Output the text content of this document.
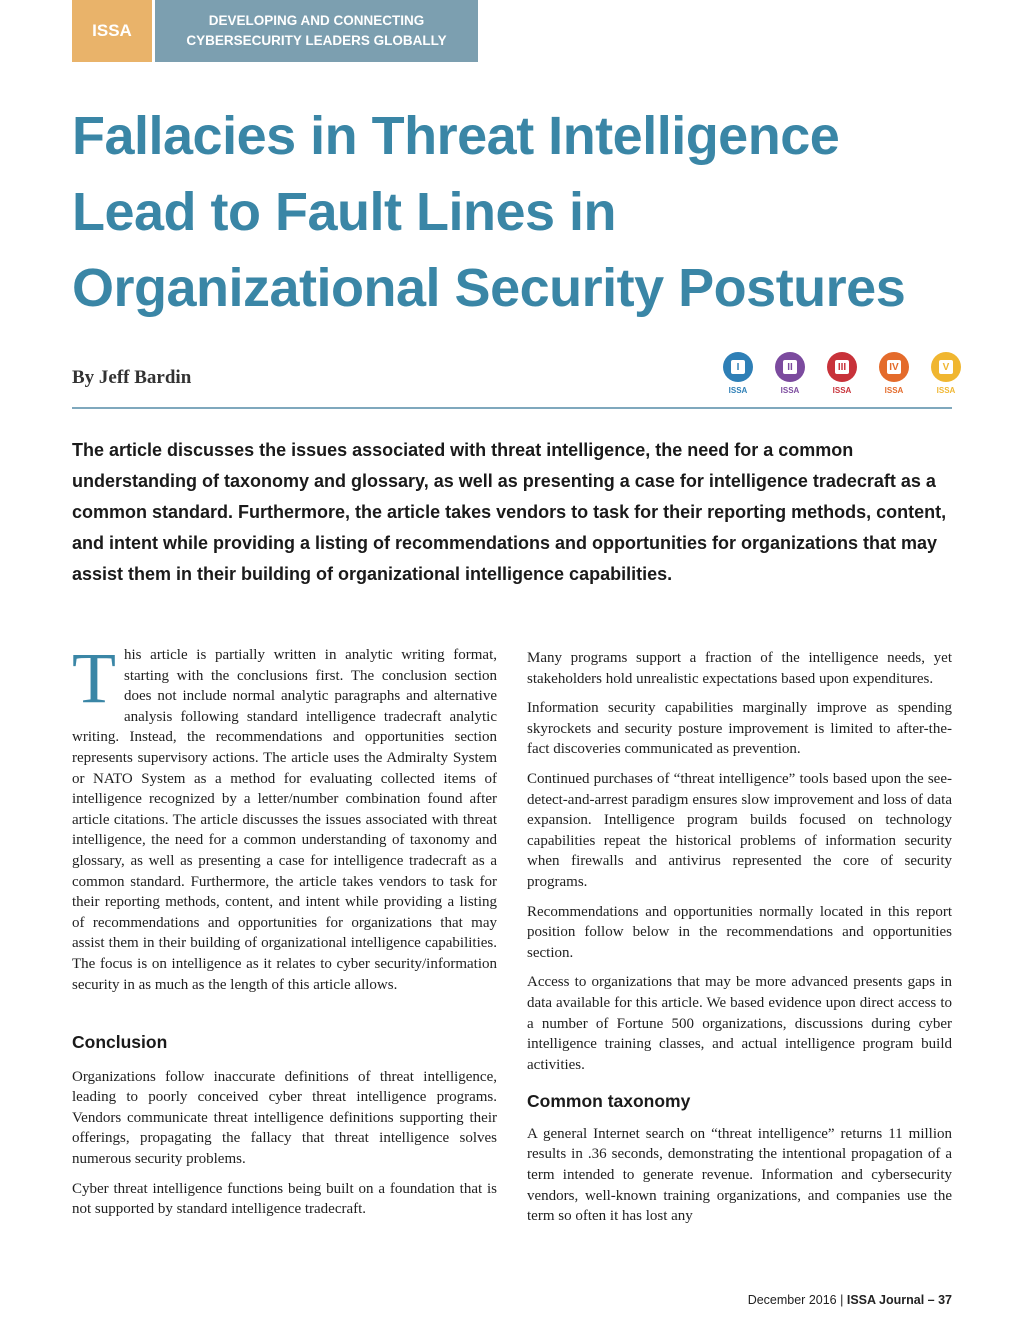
ISSA
DEVELOPING AND CONNECTING
CYBERSECURITY LEADERS GLOBALLY
Fallacies in Threat Intelligence Lead to Fault Lines in Organizational Security Postures
By Jeff Bardin	I
ISSA
II
ISSA
III
ISSA
IV
ISSA
V
ISSA

The article discusses the issues associated with threat intelligence, the need for a common understanding of taxonomy and glossary, as well as presenting a case for intelligence tradecraft as a common standard. Furthermore, the article takes vendors to task for their reporting methods, content, and intent while providing a listing of recommendations and opportunities for organizations that may assist them in their building of organizational intelligence capabilities.

This article is partially written in analytic writing format, starting with the conclusions first. The conclusion section does not include normal analytic paragraphs and alternative analysis following standard intelligence tradecraft analytic writing. Instead, the recommendations and opportunities section represents supervisory actions. The article uses the Admiralty System or NATO System as a method for evaluating collected items of intelligence recognized by a letter/number combination found after article citations. The article discusses the issues associated with threat intelligence, the need for a common understanding of taxonomy and glossary, as well as presenting a case for intelligence tradecraft as a common standard. Furthermore, the article takes vendors to task for their reporting methods, content, and intent while providing a listing of recommendations and opportunities for organizations that may assist them in their building of organizational intelligence capabilities. The focus is on intelligence as it relates to cyber security/information security in as much as the length of this article allows.

Conclusion

Organizations follow inaccurate definitions of threat intelligence, leading to poorly conceived cyber threat intelligence programs. Vendors communicate threat intelligence definitions supporting their offerings, propagating the fallacy that threat intelligence solves numerous security problems.

Cyber threat intelligence functions being built on a foundation that is not supported by standard intelligence tradecraft.

Many programs support a fraction of the intelligence needs, yet stakeholders hold unrealistic expectations based upon expenditures.

Information security capabilities marginally improve as spending skyrockets and security posture improvement is limited to after-the-fact discoveries communicated as prevention.

Continued purchases of “threat intelligence” tools based upon the see-detect-and-arrest paradigm ensures slow improvement and loss of data expansion. Intelligence program builds focused on technology capabilities repeat the historical problems of information security when firewalls and antivirus represented the core of security programs.

Recommendations and opportunities normally located in this report position follow below in the recommendations and opportunities section.

Access to organizations that may be more advanced presents gaps in data available for this article. We based evidence upon direct access to a number of Fortune 500 organizations, discussions during cyber intelligence training classes, and actual intelligence program build activities.

Common taxonomy

A general Internet search on “threat intelligence” returns 11 million results in .36 seconds, demonstrating the intentional propagation of a term intended to generate revenue. Information and cybersecurity vendors, well-known training organizations, and companies use the term so often it has lost any

December 2016 | ISSA Journal – 37
